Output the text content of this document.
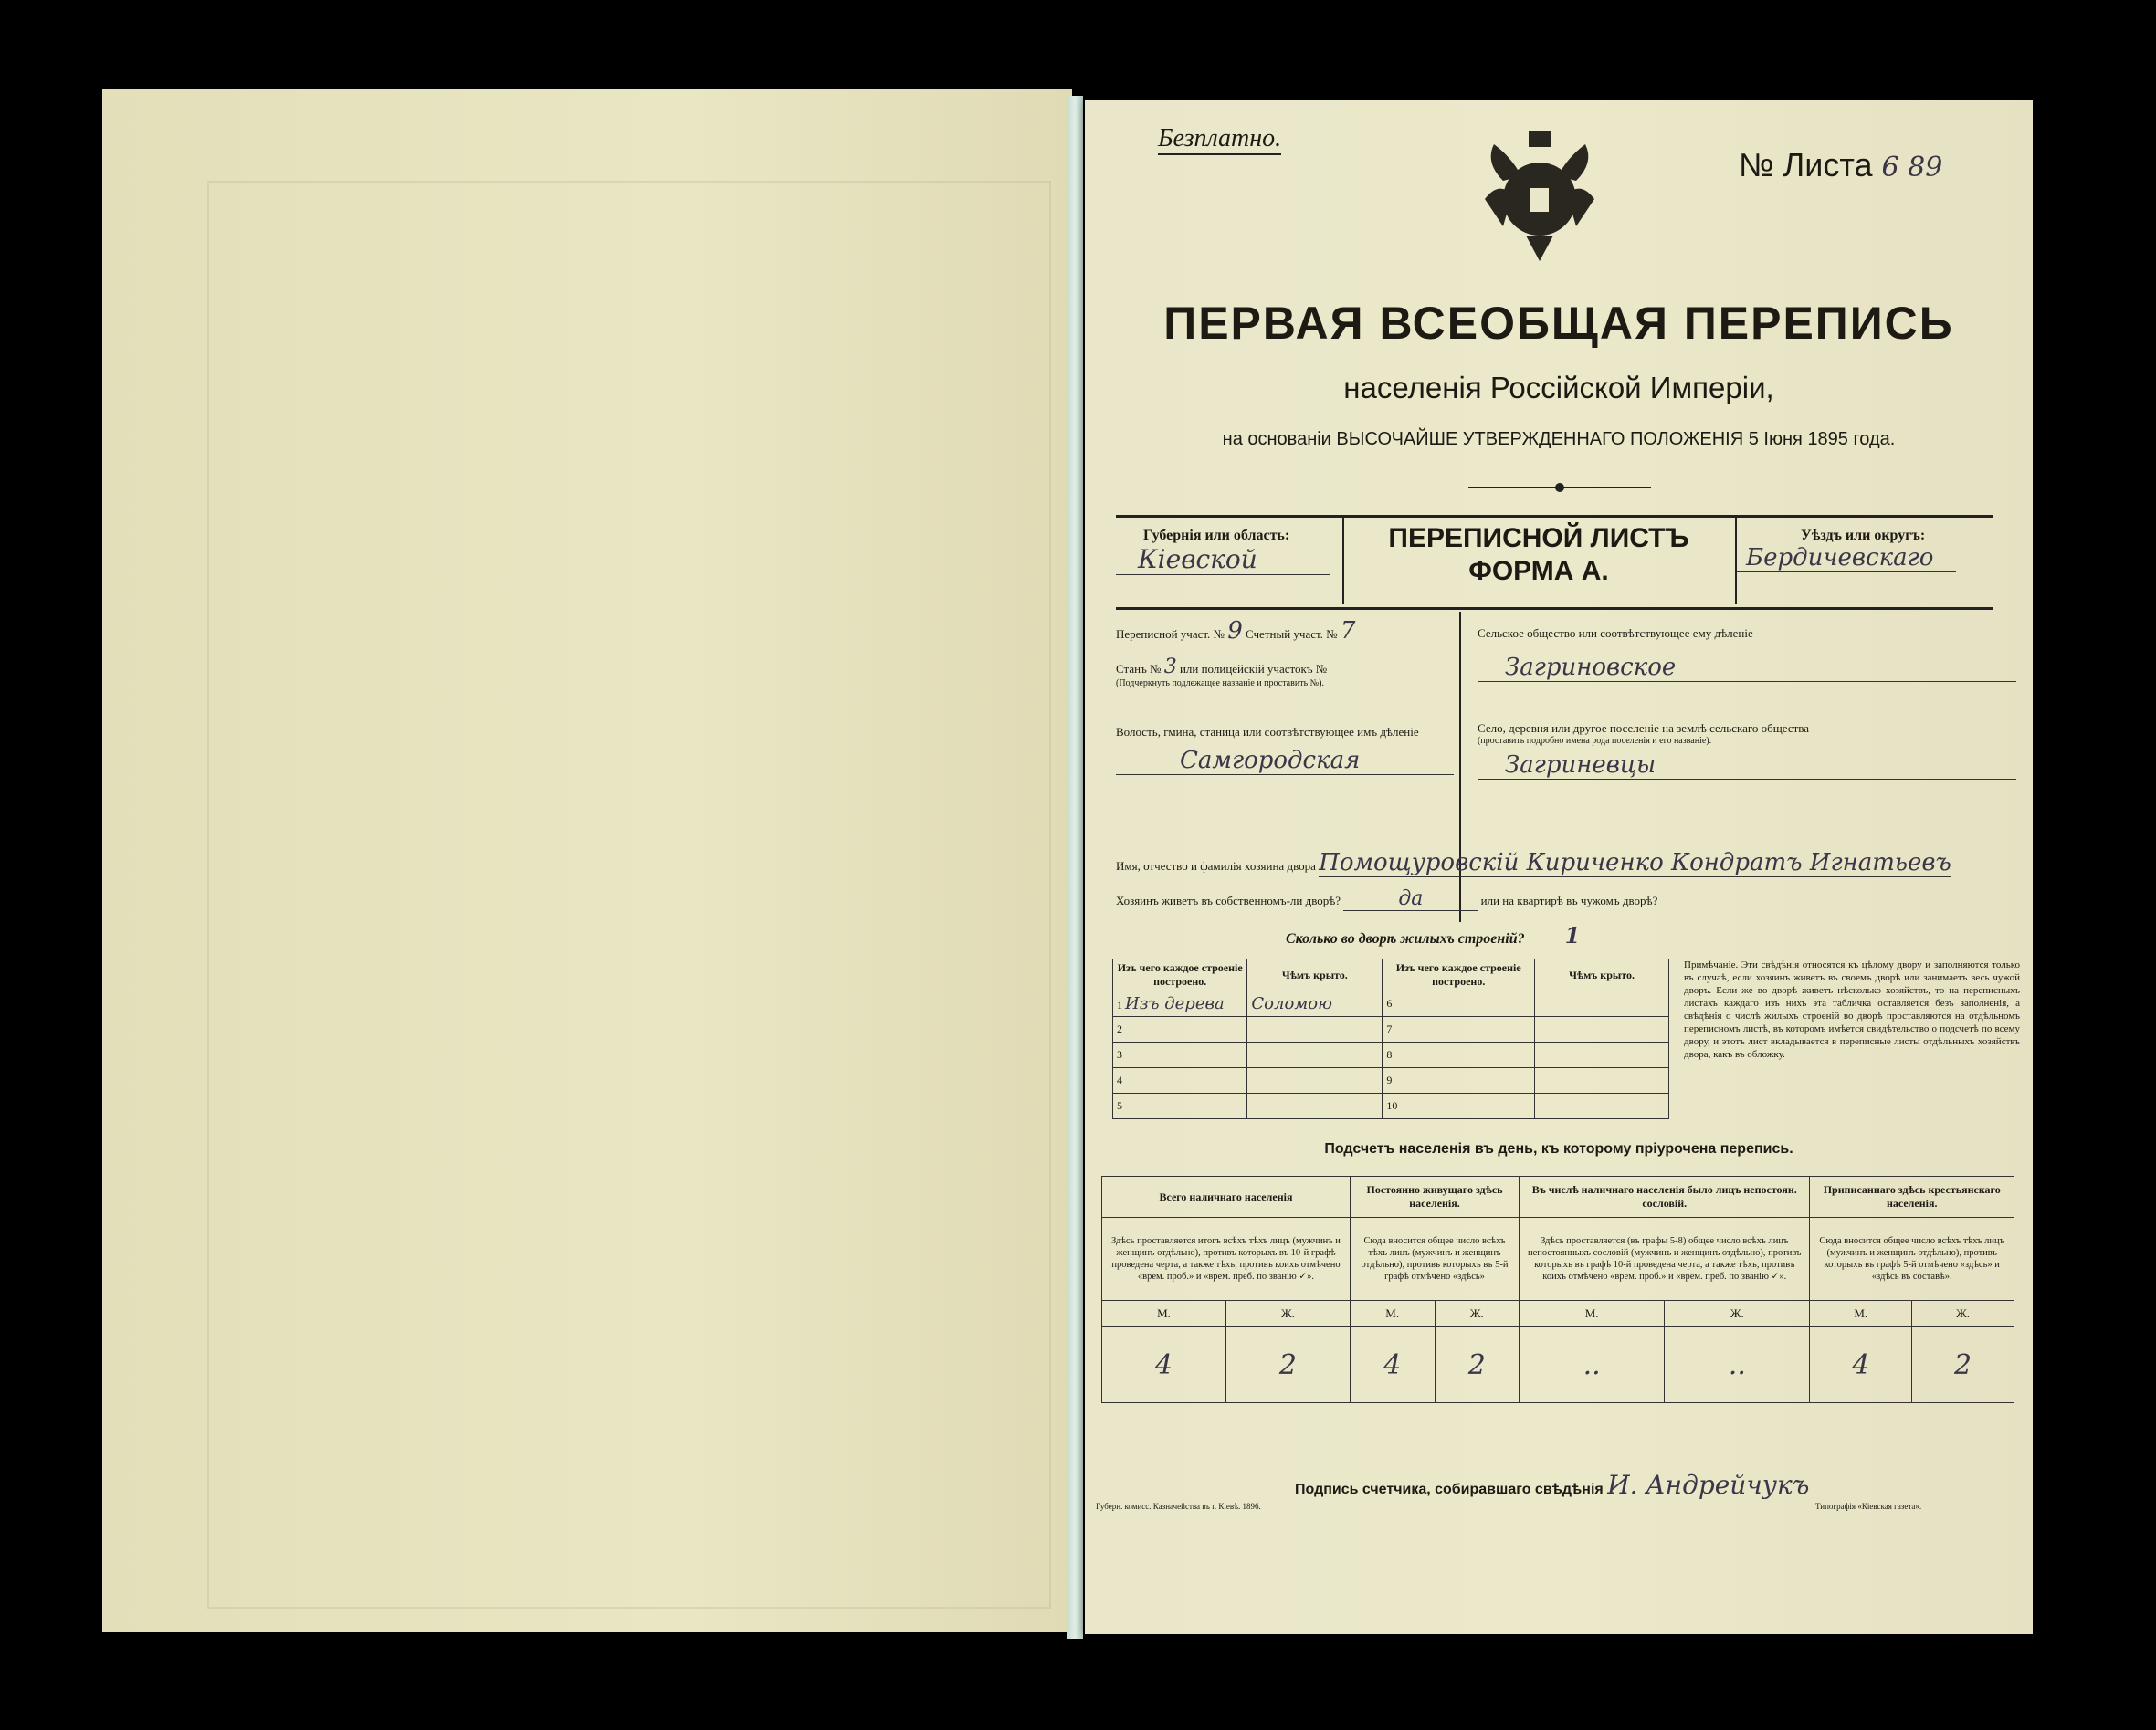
Безплатно.
№ Листа 6 89
ПЕРВАЯ ВСЕОБЩАЯ ПЕРЕПИСЬ
населенія Россійской Имперіи,
на основаніи ВЫСОЧАЙШЕ УТВЕРЖДЕННАГО ПОЛОЖЕНІЯ 5 Іюня 1895 года.
Губернія или область:
Кіевской
ПЕРЕПИСНОЙ ЛИСТЪ
ФОРМА А.
Уѣздъ или округъ:
Бердичевскаго
Переписной участ. № 9 Счетный участ. № 7
Станъ № 3 или полицейскій участокъ №
(Подчеркнуть подлежащее названіе и проставить №).
Волость, гмина, станица или соотвѣтствующее имъ дѣленіе
Самгородская
Сельское общество или соотвѣтствующее ему дѣленіе
Загриновское
Село, деревня или другое поселеніе на землѣ сельскаго общества
(проставить подробно имена рода поселенія и его названіе).
Загриневцы
Имя, отчество и фамилія хозяина двора Помощуровскій Кириченко Кондратъ Игнатьевъ
Хозяинъ живетъ въ собственномъ-ли дворѣ?	да	или на квартирѣ въ чужомъ дворѣ?
Сколько во дворѣ жилыхъ строеній? 1
Изъ чего каждое строеніе построено.	Чѣмъ крыто.	Изъ чего каждое строеніе построено.	Чѣмъ крыто.
1 Изъ дерева	Соломою	6	
2		7	
3		8	
4		9	
5		10	
Примѣчаніе. Эти свѣдѣнія относятся къ цѣлому двору и заполняются только въ случаѣ, если хозяинъ живетъ въ своемъ дворѣ или занимаетъ весь чужой дворъ. Если же во дворѣ живетъ нѣсколько хозяйствъ, то на переписныхъ листахъ каждаго изъ нихъ эта табличка оставляется безъ заполненія, а свѣдѣнія о числѣ жилыхъ строеній во дворѣ проставляются на отдѣльномъ переписномъ листѣ, въ которомъ имѣется свидѣтельство о подсчетѣ по всему двору, и этотъ лист вкладывается в переписные листы отдѣльныхъ хозяйствъ двора, какъ въ обложку.
Подсчетъ населенія въ день, къ которому пріурочена перепись.
Всего наличнаго населенія		Постоянно живущаго здѣсь населенія.		Въ числѣ наличнаго населенія было лицъ непостоян. сословій.		Приписаннаго здѣсь крестьянскаго населенія.	
Здѣсь проставляется итогъ всѣхъ тѣхъ лицъ (мужчинъ и женщинъ отдѣльно), противъ которыхъ въ 10-й графѣ проведена черта, а также тѣхъ, противъ коихъ отмѣчено «врем. проб.» и «врем. преб. по званію ✓».		Сюда вносится общее число всѣхъ тѣхъ лицъ (мужчинъ и женщинъ отдѣльно), противъ которыхъ въ 5-й графѣ отмѣчено «здѣсь»		Здѣсь проставляется (въ графы 5-8) общее число всѣхъ лицъ непостоянныхъ сословій (мужчинъ и женщинъ отдѣльно), противъ которыхъ въ графѣ 10-й проведена черта, а также тѣхъ, противъ коихъ отмѣчено «врем. проб.» и «врем. преб. по званію ✓».		Сюда вносится общее число всѣхъ тѣхъ лицъ (мужчинъ и женщинъ отдѣльно), противъ которыхъ въ графѣ 5-й отмѣчено «здѣсь» и «здѣсь въ составѣ».	
М.	Ж.	М.	Ж.	М.	Ж.	М.	Ж.
4	2	4	2	..	..	4	2
Подпись счетчика, собиравшаго свѣдѣнія И. Андрейчукъ
Губерн. комисс. Казначейства въ г. Кіевѣ. 1896.	Типографія «Кіевская газета».
